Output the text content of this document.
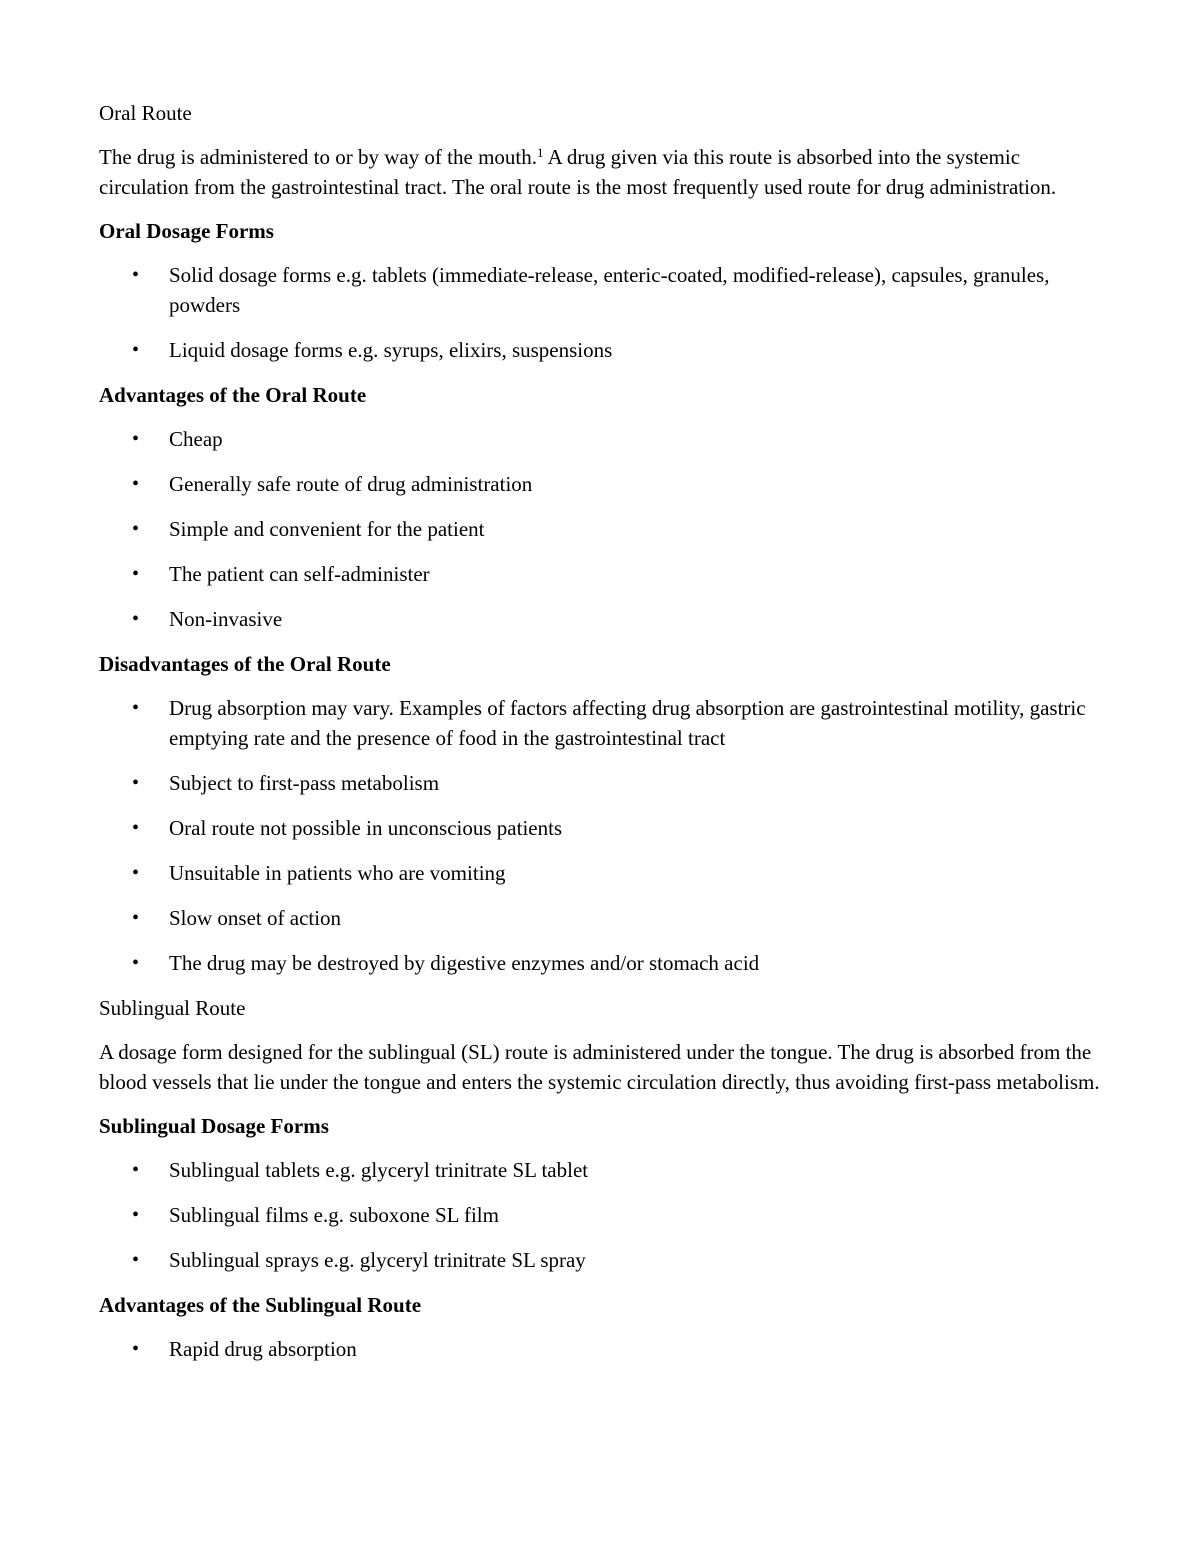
Oral Route
The drug is administered to or by way of the mouth.$^1$ A drug given via this route is absorbed into the systemic circulation from the gastrointestinal tract. The oral route is the most frequently used route for drug administration.
Oral Dosage Forms
• Solid dosage forms e.g. tablets (immediate-release, enteric-coated, modified-release), capsules, granules, powders
• Liquid dosage forms e.g. syrups, elixirs, suspensions
Advantages of the Oral Route
• Cheap
• Generally safe route of drug administration
• Simple and convenient for the patient
• The patient can self-administer
• Non-invasive
Disadvantages of the Oral Route
• Drug absorption may vary. Examples of factors affecting drug absorption are gastrointestinal motility, gastric emptying rate and the presence of food in the gastrointestinal tract
• Subject to first-pass metabolism
• Oral route not possible in unconscious patients
• Unsuitable in patients who are vomiting
• Slow onset of action
• The drug may be destroyed by digestive enzymes and/or stomach acid
Sublingual Route
A dosage form designed for the sublingual (SL) route is administered under the tongue. The drug is absorbed from the blood vessels that lie under the tongue and enters the systemic circulation directly, thus avoiding first-pass metabolism.
Sublingual Dosage Forms
• Sublingual tablets e.g. glyceryl trinitrate SL tablet
• Sublingual films e.g. suboxone SL film
• Sublingual sprays e.g. glyceryl trinitrate SL spray
Advantages of the Sublingual Route
• Rapid drug absorption
